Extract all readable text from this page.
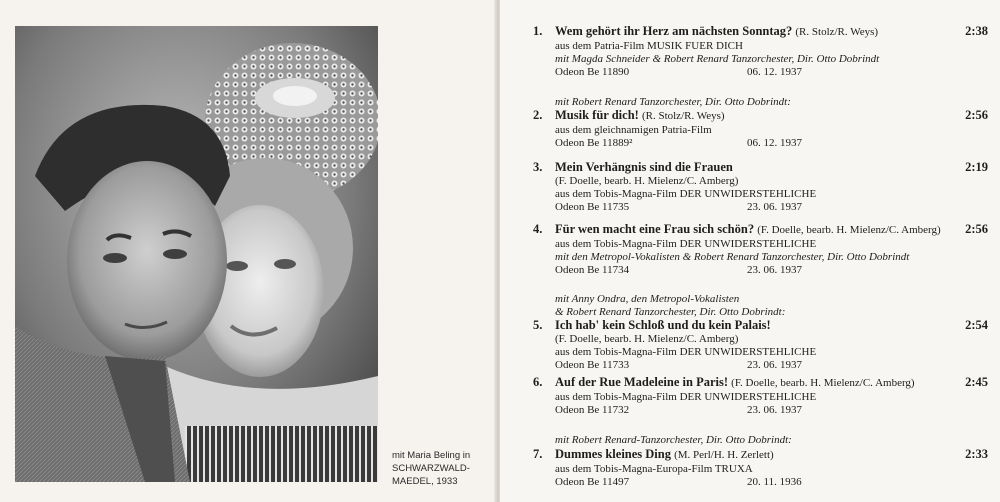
mit Maria Beling in
SCHWARZWALD-
MAEDEL, 1933
1.	2:38
Wem gehört ihr Herz am nächsten Sonntag? (R. Stolz/R. Weys)
aus dem Patria-Film MUSIK FUER DICH
mit Magda Schneider & Robert Renard Tanzorchester, Dir. Otto Dobrindt
Odeon Be 11890	06. 12. 1937
mit Robert Renard Tanzorchester, Dir. Otto Dobrindt:
2.	2:56
Musik für dich! (R. Stolz/R. Weys)
aus dem gleichnamigen Patria-Film
Odeon Be 11889²	06. 12. 1937
3.	2:19
Mein Verhängnis sind die Frauen
(F. Doelle, bearb. H. Mielenz/C. Amberg)
aus dem Tobis-Magna-Film DER UNWIDERSTEHLICHE
Odeon Be 11735	23. 06. 1937
4.	2:56
Für wen macht eine Frau sich schön? (F. Doelle, bearb. H. Mielenz/C. Amberg)
aus dem Tobis-Magna-Film DER UNWIDERSTEHLICHE
mit den Metropol-Vokalisten & Robert Renard Tanzorchester, Dir. Otto Dobrindt
Odeon Be 11734	23. 06. 1937
mit Anny Ondra, den Metropol-Vokalisten
& Robert Renard Tanzorchester, Dir. Otto Dobrindt:
5.	2:54
Ich hab' kein Schloß und du kein Palais!
(F. Doelle, bearb. H. Mielenz/C. Amberg)
aus dem Tobis-Magna-Film DER UNWIDERSTEHLICHE
Odeon Be 11733	23. 06. 1937
6.	2:45
Auf der Rue Madeleine in Paris! (F. Doelle, bearb. H. Mielenz/C. Amberg)
aus dem Tobis-Magna-Film DER UNWIDERSTEHLICHE
Odeon Be 11732	23. 06. 1937
mit Robert Renard-Tanzorchester, Dir. Otto Dobrindt:
7.	2:33
Dummes kleines Ding (M. Perl/H. H. Zerlett)
aus dem Tobis-Magna-Europa-Film TRUXA
Odeon Be 11497	20. 11. 1936
